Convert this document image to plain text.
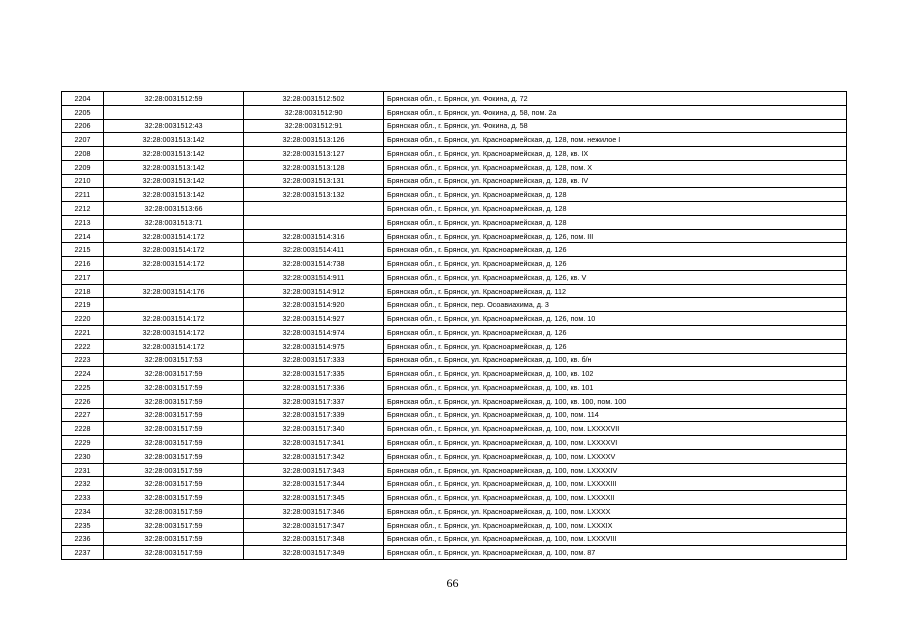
2204	32:28:0031512:59	32:28:0031512:502	Брянская обл., г. Брянск, ул. Фокина, д. 72
2205		32:28:0031512:90	Брянская обл., г. Брянск, ул. Фокина, д. 58, пом. 2а
2206	32:28:0031512:43	32:28:0031512:91	Брянская обл., г. Брянск, ул. Фокина, д. 58
2207	32:28:0031513:142	32:28:0031513:126	Брянская обл., г. Брянск, ул. Красноармейская, д. 128, пом. нежилое I
2208	32:28:0031513:142	32:28:0031513:127	Брянская обл., г. Брянск, ул. Красноармейская, д. 128, кв. IX
2209	32:28:0031513:142	32:28:0031513:128	Брянская обл., г. Брянск, ул. Красноармейская, д. 128, пом. X
2210	32:28:0031513:142	32:28:0031513:131	Брянская обл., г. Брянск, ул. Красноармейская, д. 128, кв. IV
2211	32:28:0031513:142	32:28:0031513:132	Брянская обл., г. Брянск, ул. Красноармейская, д. 128
2212	32:28:0031513:66		Брянская обл., г. Брянск, ул. Красноармейская, д. 128
2213	32:28:0031513:71		Брянская обл., г. Брянск, ул. Красноармейская, д. 128
2214	32:28:0031514:172	32:28:0031514:316	Брянская обл., г. Брянск, ул. Красноармейская, д. 126, пом. III
2215	32:28:0031514:172	32:28:0031514:411	Брянская обл., г. Брянск, ул. Красноармейская, д. 126
2216	32:28:0031514:172	32:28:0031514:738	Брянская обл., г. Брянск, ул. Красноармейская, д. 126
2217		32:28:0031514:911	Брянская обл., г. Брянск, ул. Красноармейская, д. 126, кв. V
2218	32:28:0031514:176	32:28:0031514:912	Брянская обл., г. Брянск, ул. Красноармейская, д. 112
2219		32:28:0031514:920	Брянская обл., г. Брянск, пер. Осоавиахима, д. 3
2220	32:28:0031514:172	32:28:0031514:927	Брянская обл., г. Брянск, ул. Красноармейская, д. 126, пом. 10
2221	32:28:0031514:172	32:28:0031514:974	Брянская обл., г. Брянск, ул. Красноармейская, д. 126
2222	32:28:0031514:172	32:28:0031514:975	Брянская обл., г. Брянск, ул. Красноармейская, д. 126
2223	32:28:0031517:53	32:28:0031517:333	Брянская обл., г. Брянск, ул. Красноармейская, д. 100, кв. б/н
2224	32:28:0031517:59	32:28:0031517:335	Брянская обл., г. Брянск, ул. Красноармейская, д. 100, кв. 102
2225	32:28:0031517:59	32:28:0031517:336	Брянская обл., г. Брянск, ул. Красноармейская, д. 100, кв. 101
2226	32:28:0031517:59	32:28:0031517:337	Брянская обл., г. Брянск, ул. Красноармейская, д. 100, кв. 100, пом. 100
2227	32:28:0031517:59	32:28:0031517:339	Брянская обл., г. Брянск, ул. Красноармейская, д. 100, пом. 114
2228	32:28:0031517:59	32:28:0031517:340	Брянская обл., г. Брянск, ул. Красноармейская, д. 100, пом. LXXXXVII
2229	32:28:0031517:59	32:28:0031517:341	Брянская обл., г. Брянск, ул. Красноармейская, д. 100, пом. LXXXXVI
2230	32:28:0031517:59	32:28:0031517:342	Брянская обл., г. Брянск, ул. Красноармейская, д. 100, пом. LXXXXV
2231	32:28:0031517:59	32:28:0031517:343	Брянская обл., г. Брянск, ул. Красноармейская, д. 100, пом. LXXXXIV
2232	32:28:0031517:59	32:28:0031517:344	Брянская обл., г. Брянск, ул. Красноармейская, д. 100, пом. LXXXXIII
2233	32:28:0031517:59	32:28:0031517:345	Брянская обл., г. Брянск, ул. Красноармейская, д. 100, пом. LXXXXII
2234	32:28:0031517:59	32:28:0031517:346	Брянская обл., г. Брянск, ул. Красноармейская, д. 100, пом. LXXXX
2235	32:28:0031517:59	32:28:0031517:347	Брянская обл., г. Брянск, ул. Красноармейская, д. 100, пом. LXXXIX
2236	32:28:0031517:59	32:28:0031517:348	Брянская обл., г. Брянск, ул. Красноармейская, д. 100, пом. LXXXVIII
2237	32:28:0031517:59	32:28:0031517:349	Брянская обл., г. Брянск, ул. Красноармейская, д. 100, пом. 87
66
